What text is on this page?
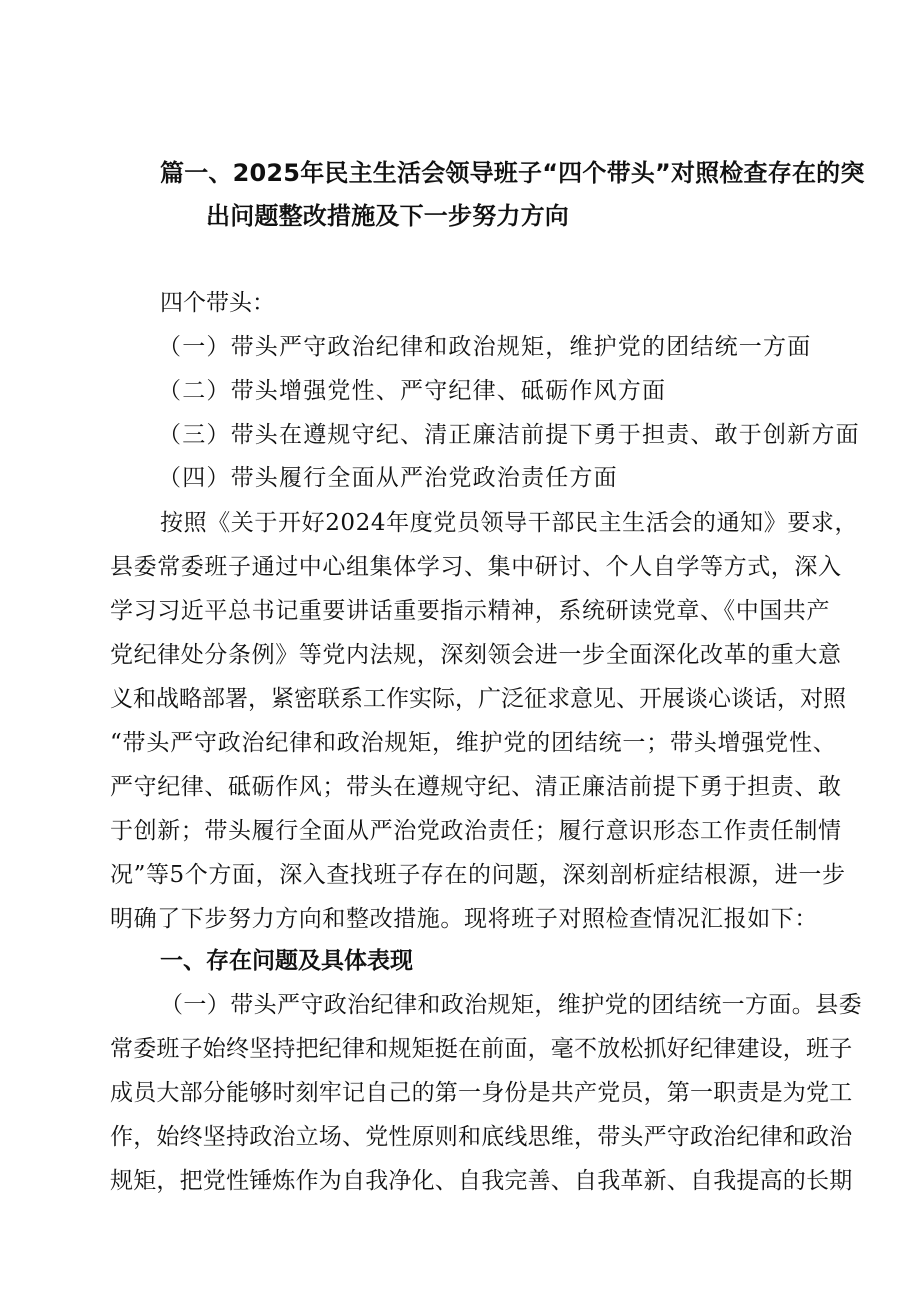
篇一、2025年民主生活会领导班子“四个带头”对照检查存在的突
出问题整改措施及下一步努力方向
四个带头：
（一）带头严守政治纪律和政治规矩，维护党的团结统一方面
（二）带头增强党性、严守纪律、砥砺作风方面
（三）带头在遵规守纪、清正廉洁前提下勇于担责、敢于创新方面
（四）带头履行全面从严治党政治责任方面
按照《关于开好2024年度党员领导干部民主生活会的通知》要求，
县委常委班子通过中心组集体学习、集中研讨、个人自学等方式，深入
学习习近平总书记重要讲话重要指示精神，系统研读党章、《中国共产
党纪律处分条例》等党内法规，深刻领会进一步全面深化改革的重大意
义和战略部署，紧密联系工作实际，广泛征求意见、开展谈心谈话，对照
“带头严守政治纪律和政治规矩，维护党的团结统一；带头增强党性、
严守纪律、砥砺作风；带头在遵规守纪、清正廉洁前提下勇于担责、敢
于创新；带头履行全面从严治党政治责任；履行意识形态工作责任制情
况”等5个方面，深入查找班子存在的问题，深刻剖析症结根源，进一步
明确了下步努力方向和整改措施。现将班子对照检查情况汇报如下：
一、存在问题及具体表现
（一）带头严守政治纪律和政治规矩，维护党的团结统一方面。县委
常委班子始终坚持把纪律和规矩挺在前面，毫不放松抓好纪律建设，班子
成员大部分能够时刻牢记自己的第一身份是共产党员，第一职责是为党工
作，始终坚持政治立场、党性原则和底线思维，带头严守政治纪律和政治
规矩，把党性锤炼作为自我净化、自我完善、自我革新、自我提高的长期
